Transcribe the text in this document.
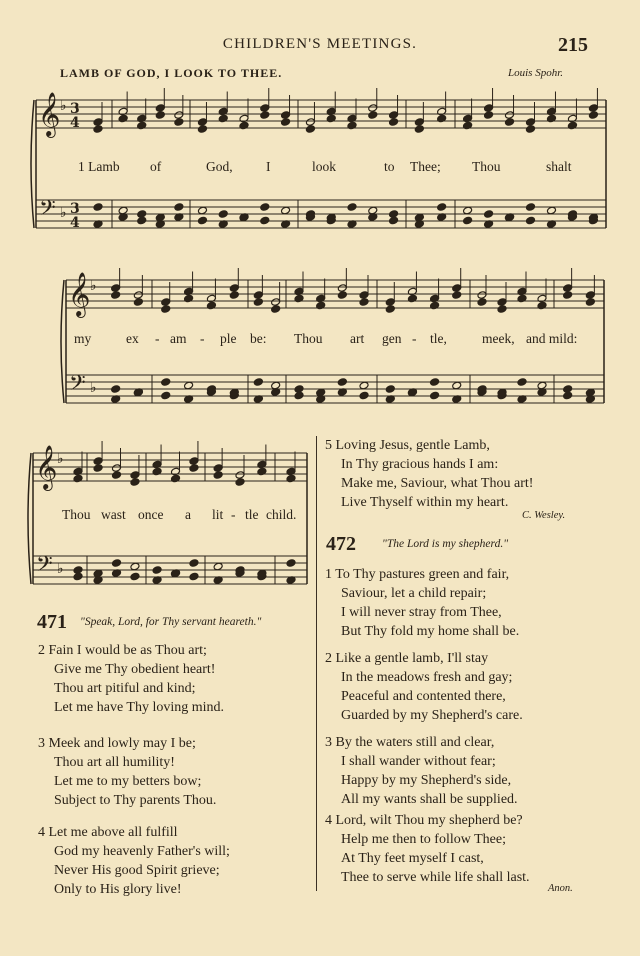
CHILDREN'S MEETINGS.	215
LAMB OF GOD, I LOOK TO THEE.	Louis Spohr.
𝄞
𝄢
♭
♭
3
4
3
4
𝄞
𝄢
♭
♭
𝄞
𝄢
♭
♭
1 Lamb of	God, I	look	to Thee; Thou	shalt
my	ex - am - ple be: Thou art gen - tle,	meek, and mild:
Thou wast once a lit - tle child.
5 Loving Jesus, gentle Lamb,
In Thy gracious hands I am:
Make me, Saviour, what Thou art!
Live Thyself within my heart.
C. Wesley.
472 "The Lord is my shepherd."
1 To Thy pastures green and fair,
Saviour, let a child repair;
I will never stray from Thee,
But Thy fold my home shall be.
2 Like a gentle lamb, I'll stay
In the meadows fresh and gay;
Peaceful and contented there,
Guarded by my Shepherd's care.
3 By the waters still and clear,
I shall wander without fear;
Happy by my Shepherd's side,
All my wants shall be supplied.
4 Lord, wilt Thou my shepherd be?
Help me then to follow Thee;
At Thy feet myself I cast,
Thee to serve while life shall last.
Anon.
471 "Speak, Lord, for Thy servant heareth."
2 Fain I would be as Thou art;
Give me Thy obedient heart!
Thou art pitiful and kind;
Let me have Thy loving mind.
3 Meek and lowly may I be;
Thou art all humility!
Let me to my betters bow;
Subject to Thy parents Thou.
4 Let me above all fulfill
God my heavenly Father's will;
Never His good Spirit grieve;
Only to His glory live!
